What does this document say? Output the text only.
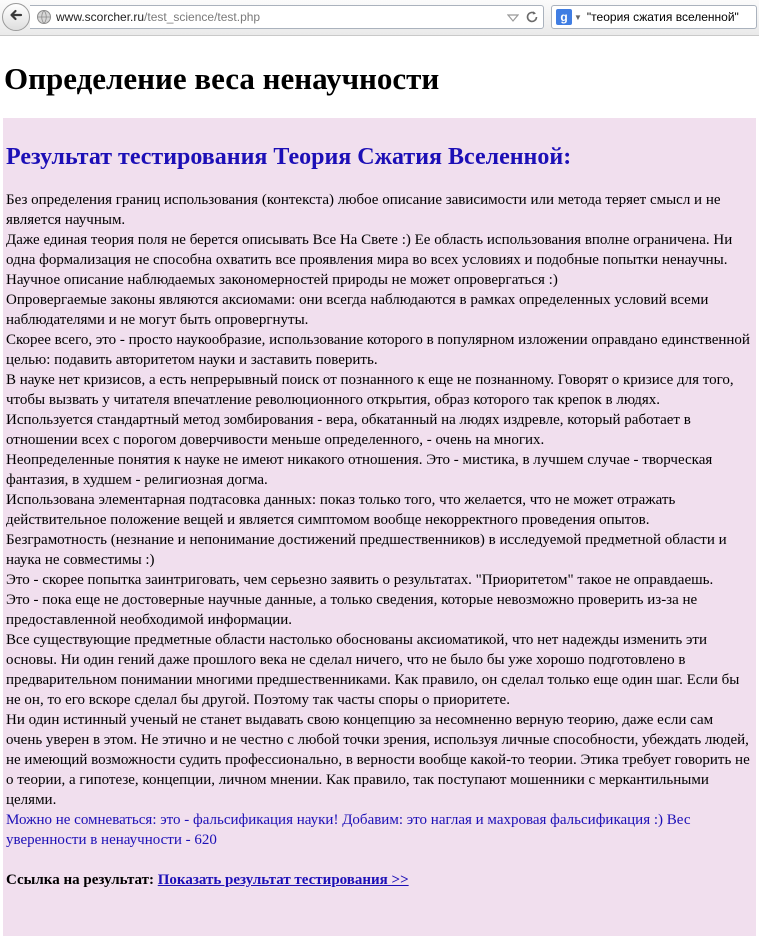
www.scorcher.ru /test_science/test.php	g ▼ "теория сжатия вселенной"
Определение веса ненаучности
Результат тестирования Теория Сжатия Вселенной:

Без определения границ использования (контекста) любое описание зависимости или метода теряет смысл и не является научным.

Даже единая теория поля не берется описывать Все На Свете :) Ее область использования вполне ограничена. Ни одна формализация не способна охватить все проявления мира во всех условиях и подобные попытки ненаучны.

Научное описание наблюдаемых закономерностей природы не может опровергаться :)

Опровергаемые законы являются аксиомами: они всегда наблюдаются в рамках определенных условий всеми наблюдателями и не могут быть опровергнуты.

Скорее всего, это - просто наукообразие, использование которого в популярном изложении оправдано единственной целью: подавить авторитетом науки и заставить поверить.

В науке нет кризисов, а есть непрерывный поиск от познанного к еще не познанному. Говорят о кризисе для того, чтобы вызвать у читателя впечатление революционного открытия, образ которого так крепок в людях.

Используется стандартный метод зомбирования - вера, обкатанный на людях издревле, который работает в отношении всех с порогом доверчивости меньше определенного, - очень на многих.

Неопределенные понятия к науке не имеют никакого отношения. Это - мистика, в лучшем случае - творческая фантазия, в худшем - религиозная догма.

Использована элементарная подтасовка данных: показ только того, что желается, что не может отражать действительное положение вещей и является симптомом вообще некорректного проведения опытов.

Безграмотность (незнание и непонимание достижений предшественников) в исследуемой предметной области и наука не совместимы :)

Это - скорее попытка заинтриговать, чем серьезно заявить о результатах. "Приоритетом" такое не оправдаешь.

Это - пока еще не достоверные научные данные, а только сведения, которые невозможно проверить из-за не предоставленной необходимой информации.

Все существующие предметные области настолько обоснованы аксиоматикой, что нет надежды изменить эти основы. Ни один гений даже прошлого века не сделал ничего, что не было бы уже хорошо подготовлено в предварительном понимании многими предшественниками. Как правило, он сделал только еще один шаг. Если бы не он, то его вскоре сделал бы другой. Поэтому так часты споры о приоритете.

Ни один истинный ученый не станет выдавать свою концепцию за несомненно верную теорию, даже если сам очень уверен в этом. Не этично и не честно с любой точки зрения, используя личные способности, убеждать людей, не имеющий возможности судить профессионально, в верности вообще какой-то теории. Этика требует говорить не о теории, а гипотезе, концепции, личном мнении. Как правило, так поступают мошенники с меркантильными целями.

Можно не сомневаться: это - фальсификация науки! Добавим: это наглая и махровая фальсификация :) Вес уверенности в ненаучности - 620

Ссылка на результат: Показать результат тестирования >>
